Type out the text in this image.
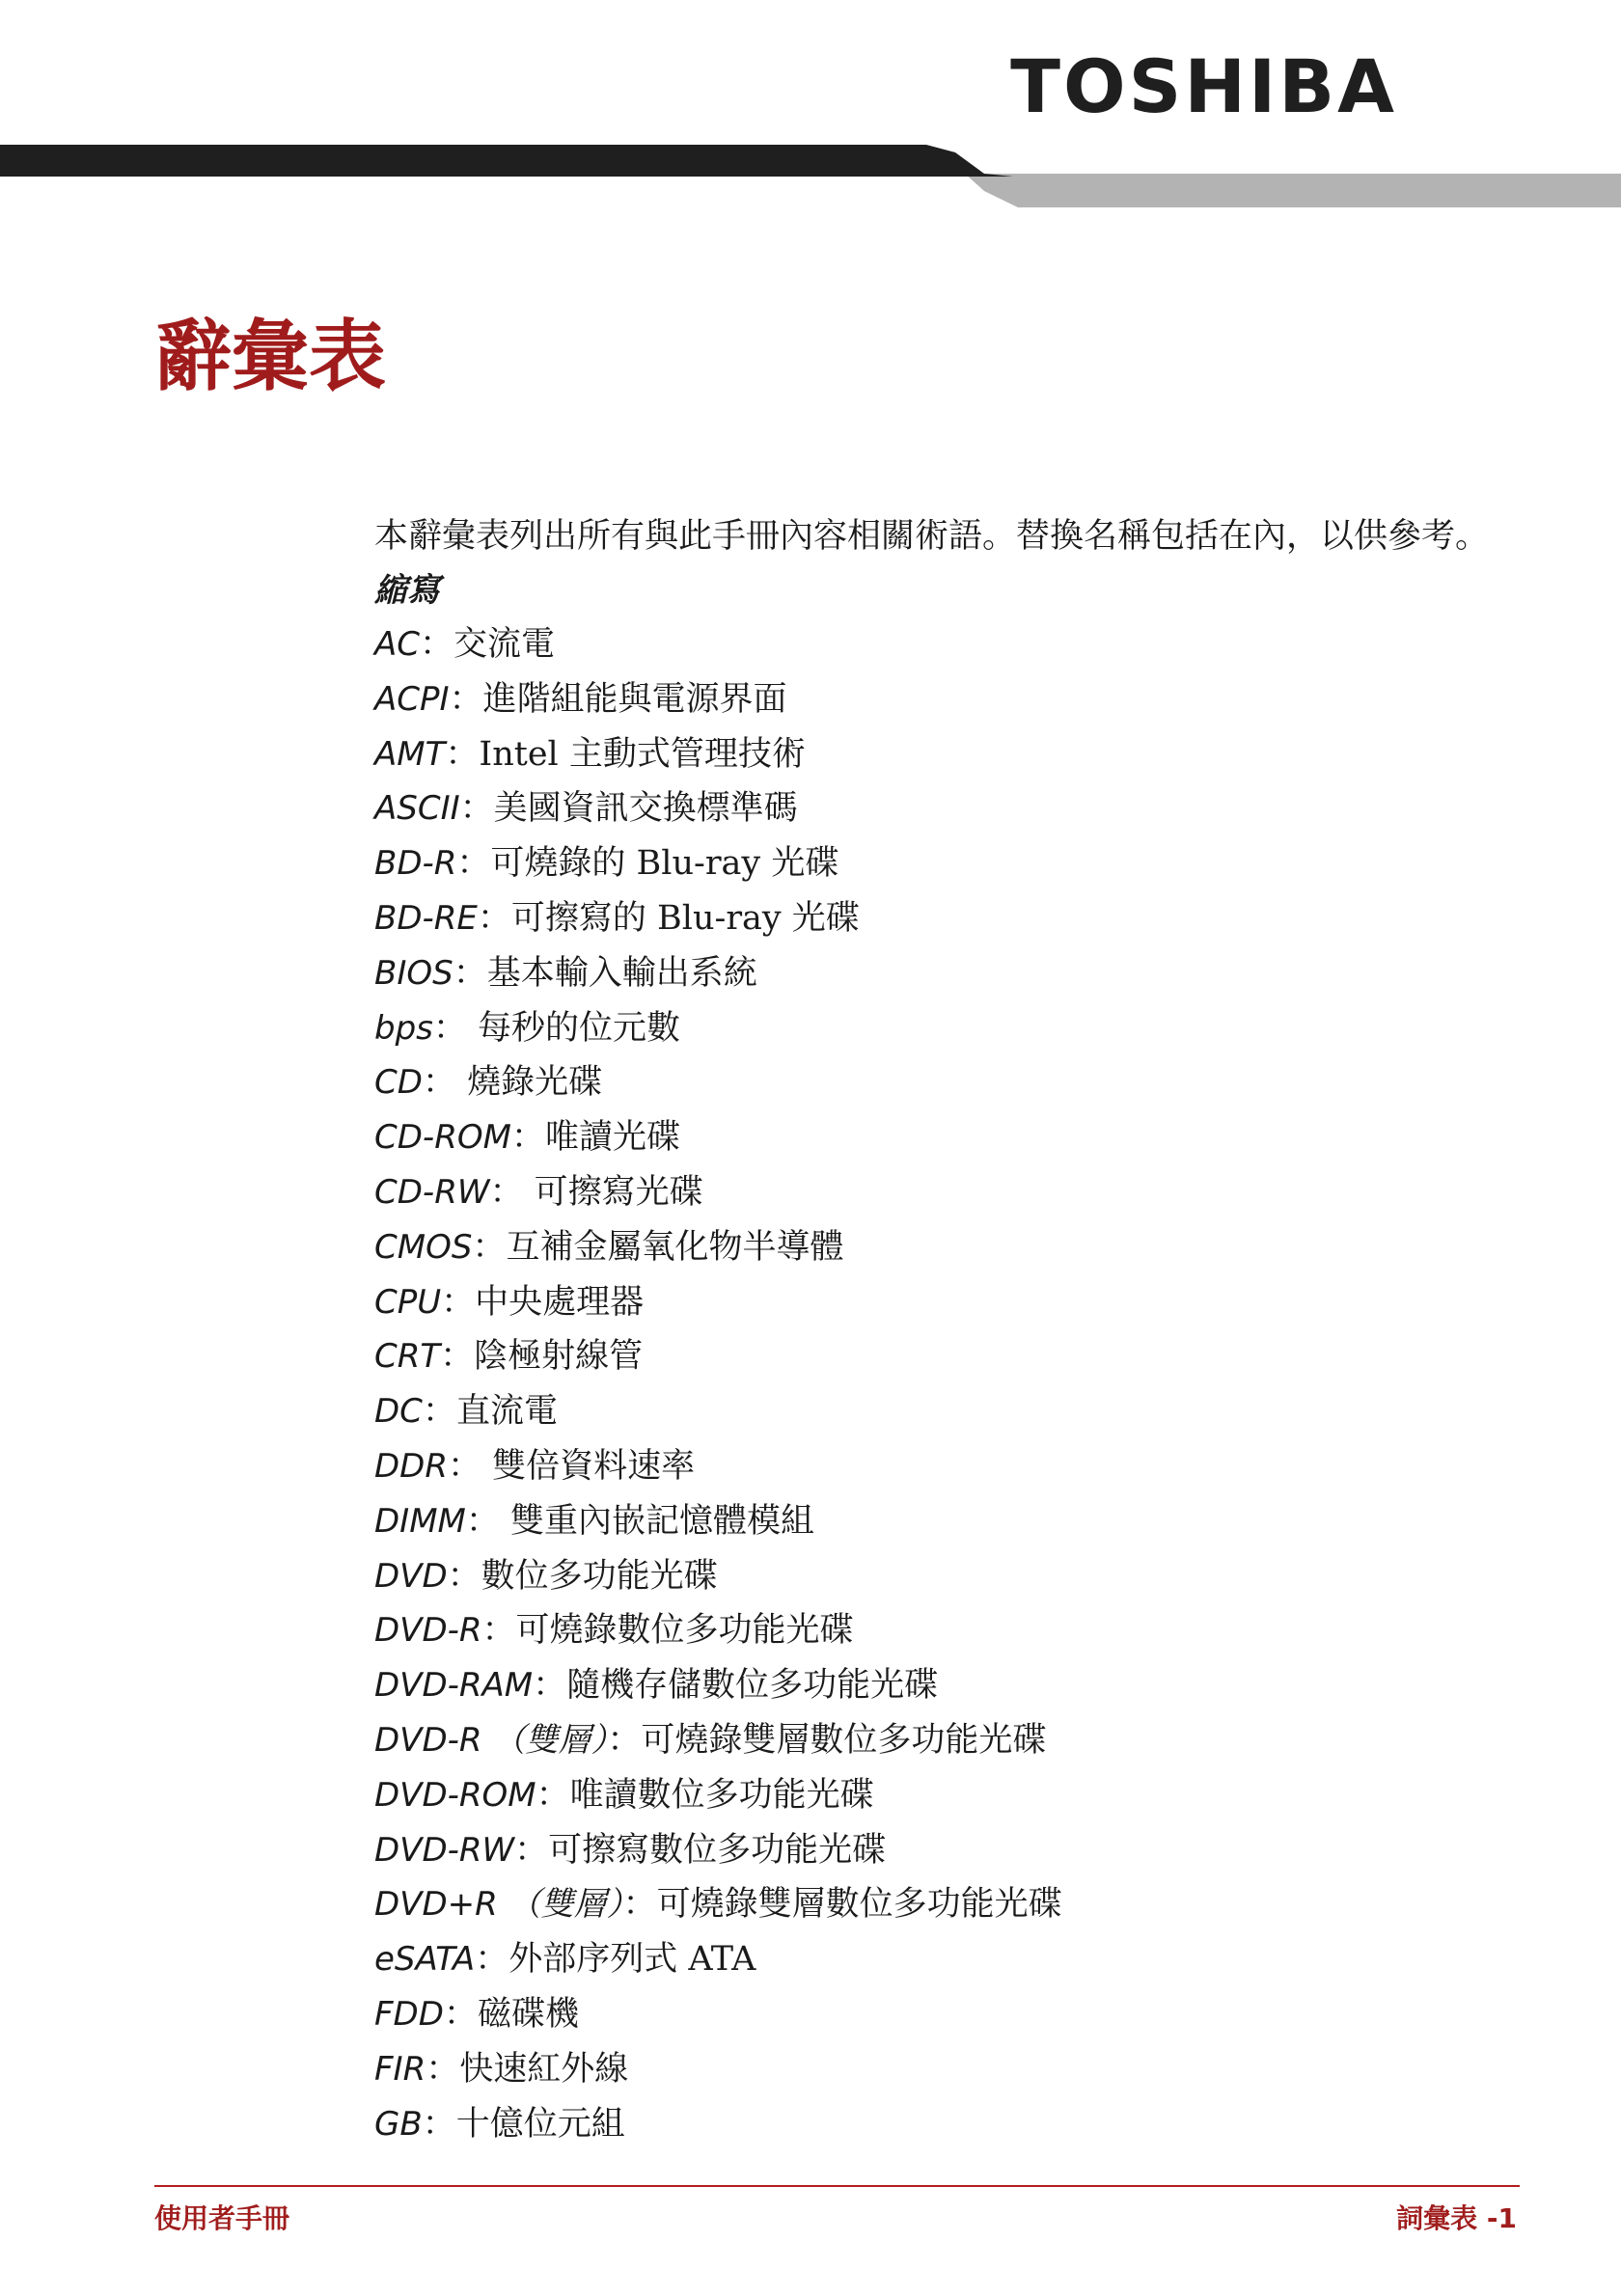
TOSHIBA
辭彙表
本辭彙表列出所有與此手冊內容相關術語。替換名稱包括在內，以供參考。
縮寫
AC：交流電
ACPI：進階組能與電源界面
AMT：Intel 主動式管理技術
ASCII：美國資訊交換標準碼
BD-R：可燒錄的 Blu-ray 光碟
BD-RE：可擦寫的 Blu-ray 光碟
BIOS：基本輸入輸出系統
bps： 每秒的位元數
CD： 燒錄光碟
CD-ROM：唯讀光碟
CD-RW： 可擦寫光碟
CMOS：互補金屬氧化物半導體
CPU：中央處理器
CRT：陰極射線管
DC：直流電
DDR： 雙倍資料速率
DIMM： 雙重內嵌記憶體模組
DVD：數位多功能光碟
DVD-R：可燒錄數位多功能光碟
DVD-RAM：隨機存儲數位多功能光碟
DVD-R （雙層）：可燒錄雙層數位多功能光碟
DVD-ROM：唯讀數位多功能光碟
DVD-RW：可擦寫數位多功能光碟
DVD+R （雙層）：可燒錄雙層數位多功能光碟
eSATA：外部序列式 ATA
FDD：磁碟機
FIR：快速紅外線
GB：十億位元組
使用者手冊	詞彙表 -1
